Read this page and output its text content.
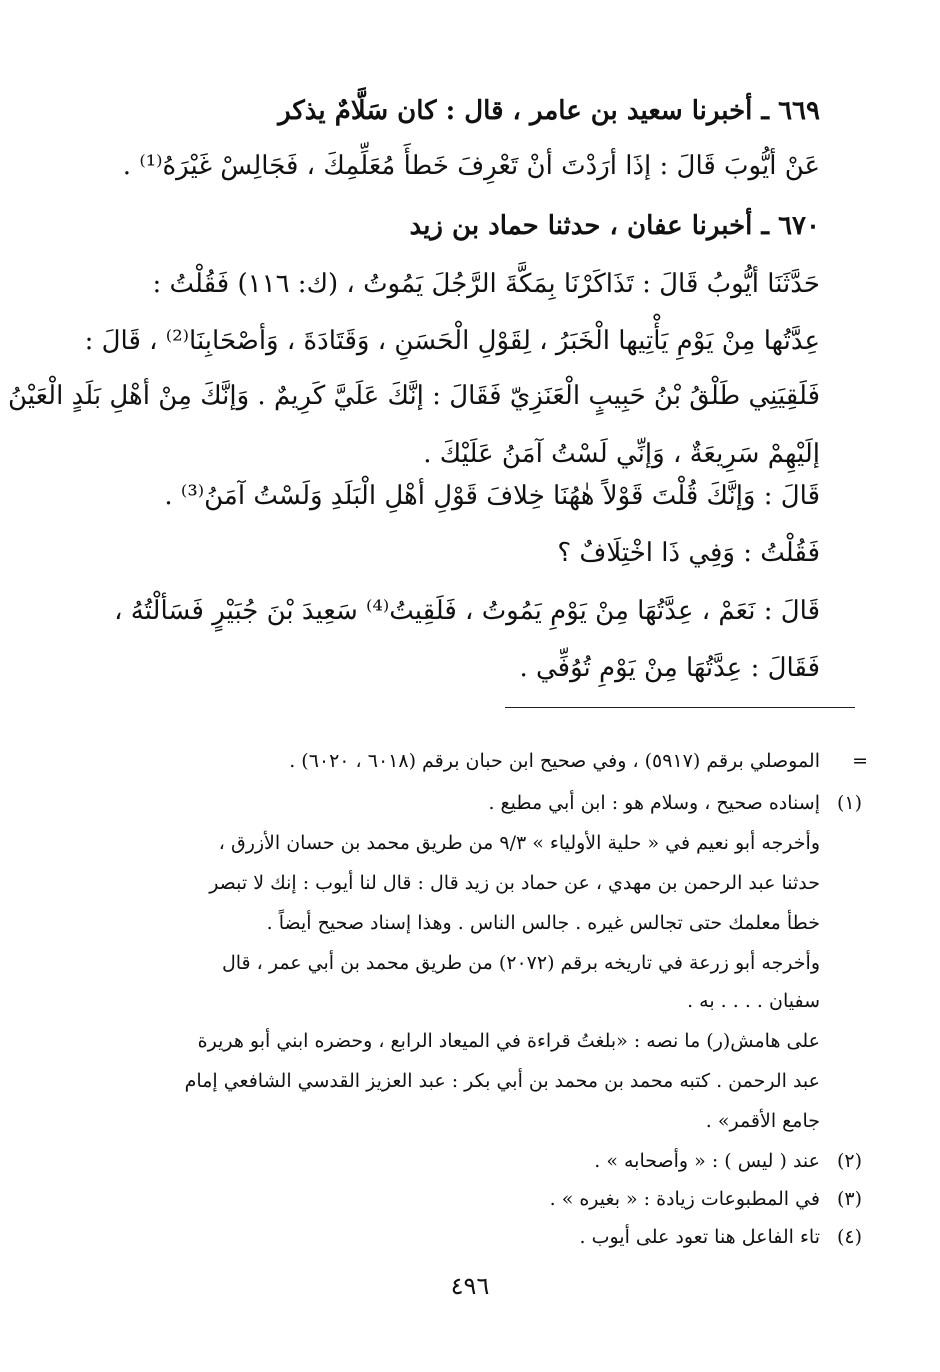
٦٦٩ ـ أخبرنا سعيد بن عامر ، قال : كان سَلَّامٌ يذكر
عَنْ أيُّوبَ قَالَ : إذَا أرَدْتَ أنْ تَعْرِفَ خَطأَ مُعَلِّمِكَ ، فَجَالِسْ غَيْرَهُ⁽¹⁾ .
٦٧٠ ـ أخبرنا عفان ، حدثنا حماد بن زيد
حَدَّثَنَا أيُّوبُ قَالَ : تَذَاكَرْنَا بِمَكَّةَ الرَّجُلَ يَمُوتُ ، (ك: ١١٦) فَقُلْتُ :
عِدَّتُها مِنْ يَوْمِ يَأْتِيها الْخَبَرُ ، لِقَوْلِ الْحَسَنِ ، وَقَتَادَةَ ، وَأصْحَابِنَا⁽²⁾ ، قَالَ :
فَلَقِيَنِي طَلْقُ بْنُ حَبِيبٍ الْعَنَزِيّ فَقَالَ : إنَّكَ عَلَيَّ كَرِيمٌ . وَإنَّكَ مِنْ أهْلِ بَلَدٍ الْعَيْنُ
إلَيْهِمْ سَرِيعَةٌ ، وَإنِّي لَسْتُ آمَنُ عَلَيْكَ .
قَالَ : وَإنَّكَ قُلْتَ قَوْلاً هٰهُنَا خِلافَ قَوْلِ أهْلِ الْبَلَدِ وَلَسْتُ آمَنُ⁽³⁾ .
فَقُلْتُ : وَفِي ذَا اخْتِلَافٌ ؟
قَالَ : نَعَمْ ، عِدَّتُهَا مِنْ يَوْمِ يَمُوتُ ، فَلَقِيتُ⁽⁴⁾ سَعِيدَ بْنَ جُبَيْرٍ فَسَألْتُهُ ،
فَقَالَ : عِدَّتُهَا مِنْ يَوْمِ تُوُفِّي .
=
الموصلي برقم (٥٩١٧) ، وفي صحيح ابن حبان برقم (٦٠١٨ ، ٦٠٢٠) .
(١)
إسناده صحيح ، وسلام هو : ابن أبي مطيع .
وأخرجه أبو نعيم في « حلية الأولياء » ٩/٣ من طريق محمد بن حسان الأزرق ،
حدثنا عبد الرحمن بن مهدي ، عن حماد بن زيد قال : قال لنا أيوب : إنك لا تبصر
خطأ معلمك حتى تجالس غيره . جالس الناس . وهذا إسناد صحيح أيضاً .
وأخرجه أبو زرعة في تاريخه برقم (٢٠٧٢) من طريق محمد بن أبي عمر ، قال
سفيان . . . . به .
على هامش(ر) ما نصه : «بلغتُ قراءة في الميعاد الرابع ، وحضره ابني أبو هريرة
عبد الرحمن . كتبه محمد بن محمد بن أبي بكر : عبد العزيز القدسي الشافعي إمام
جامع الأقمر» .
(٢)
عند ( ليس ) : « وأصحابه » .
(٣)
في المطبوعات زيادة : « بغيره » .
(٤)
تاء الفاعل هنا تعود على أيوب .
٤٩٦
